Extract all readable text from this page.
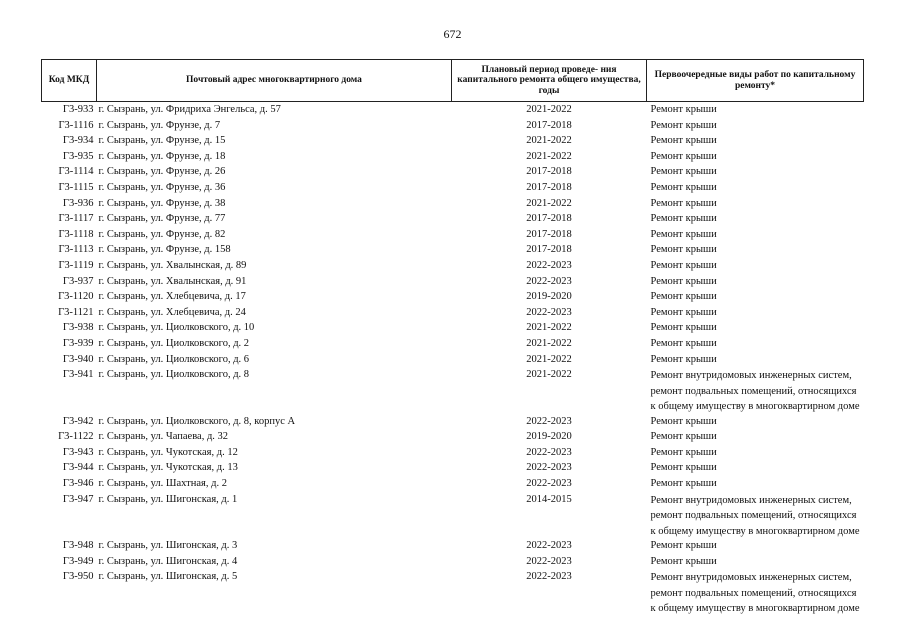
672
Код МКД	Почтовый адрес многоквартирного дома	Плановый период проведе- ния капитального ремонта общего имущества, годы	Первоочередные виды работ по капитальному ремонту*
Г3-933	г. Сызрань, ул. Фридриха Энгельса, д. 57	2021-2022	Ремонт крыши
Г3-1116	г. Сызрань, ул. Фрунзе, д. 7	2017-2018	Ремонт крыши
Г3-934	г. Сызрань, ул. Фрунзе, д. 15	2021-2022	Ремонт крыши
Г3-935	г. Сызрань, ул. Фрунзе, д. 18	2021-2022	Ремонт крыши
Г3-1114	г. Сызрань, ул. Фрунзе, д. 26	2017-2018	Ремонт крыши
Г3-1115	г. Сызрань, ул. Фрунзе, д. 36	2017-2018	Ремонт крыши
Г3-936	г. Сызрань, ул. Фрунзе, д. 38	2021-2022	Ремонт крыши
Г3-1117	г. Сызрань, ул. Фрунзе, д. 77	2017-2018	Ремонт крыши
Г3-1118	г. Сызрань, ул. Фрунзе, д. 82	2017-2018	Ремонт крыши
Г3-1113	г. Сызрань, ул. Фрунзе, д. 158	2017-2018	Ремонт крыши
Г3-1119	г. Сызрань, ул. Хвалынская, д. 89	2022-2023	Ремонт крыши
Г3-937	г. Сызрань, ул. Хвалынская, д. 91	2022-2023	Ремонт крыши
Г3-1120	г. Сызрань, ул. Хлебцевича, д. 17	2019-2020	Ремонт крыши
Г3-1121	г. Сызрань, ул. Хлебцевича, д. 24	2022-2023	Ремонт крыши
Г3-938	г. Сызрань, ул. Циолковского, д. 10	2021-2022	Ремонт крыши
Г3-939	г. Сызрань, ул. Циолковского, д. 2	2021-2022	Ремонт крыши
Г3-940	г. Сызрань, ул. Циолковского, д. 6	2021-2022	Ремонт крыши
Г3-941	г. Сызрань, ул. Циолковского, д. 8	2021-2022	Ремонт внутридомовых инженерных систем, ремонт подвальных помещений, относящихся к общему имуществу в многоквартирном доме
Г3-942	г. Сызрань, ул. Циолковского, д. 8, корпус А	2022-2023	Ремонт крыши
Г3-1122	г. Сызрань, ул. Чапаева, д. 32	2019-2020	Ремонт крыши
Г3-943	г. Сызрань, ул. Чукотская, д. 12	2022-2023	Ремонт крыши
Г3-944	г. Сызрань, ул. Чукотская, д. 13	2022-2023	Ремонт крыши
Г3-946	г. Сызрань, ул. Шахтная, д. 2	2022-2023	Ремонт крыши
Г3-947	г. Сызрань, ул. Шигонская, д. 1	2014-2015	Ремонт внутридомовых инженерных систем, ремонт подвальных помещений, относящихся к общему имуществу в многоквартирном доме
Г3-948	г. Сызрань, ул. Шигонская, д. 3	2022-2023	Ремонт крыши
Г3-949	г. Сызрань, ул. Шигонская, д. 4	2022-2023	Ремонт крыши
Г3-950	г. Сызрань, ул. Шигонская, д. 5	2022-2023	Ремонт внутридомовых инженерных систем, ремонт подвальных помещений, относящихся к общему имуществу в многоквартирном доме
